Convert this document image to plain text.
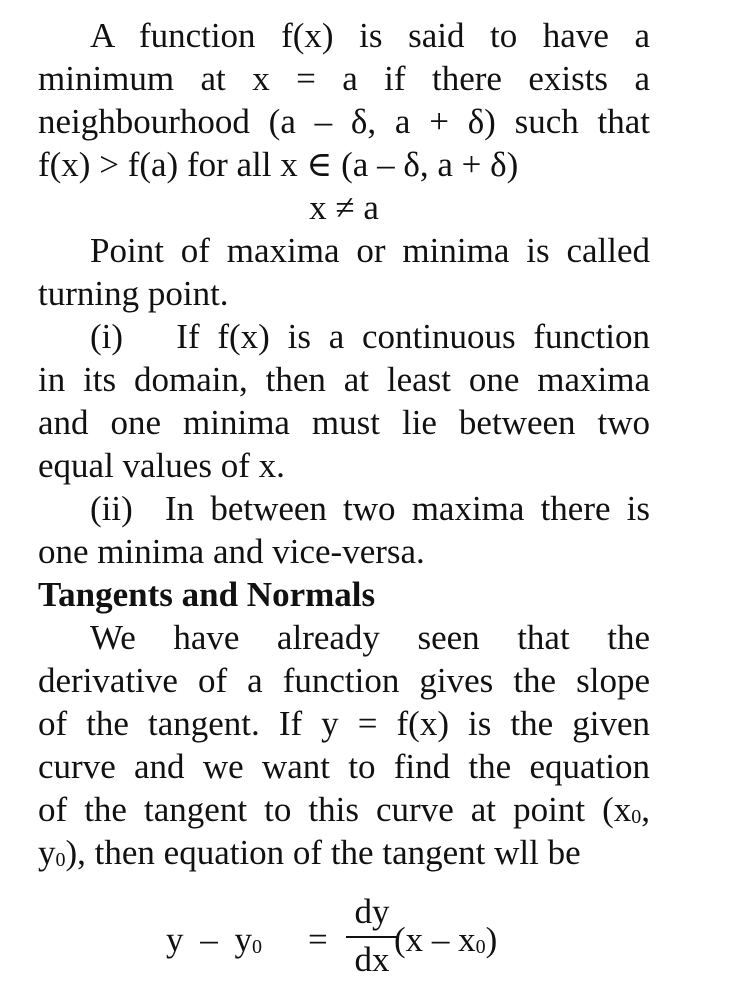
A function f(x) is said to have a

minimum at x = a if there exists a

neighbourhood (a – δ, a + δ) such that

f(x) > f(a) for all x ∈ (a – δ, a + δ)

x ≠ a

Point of maxima or minima is called

turning point.

(i)   If f(x) is a continuous function

in its domain, then at least one maxima

and one minima must lie between two

equal values of x.

(ii)  In between two maxima there is

one minima and vice-versa.

Tangents and Normals

We have already seen that the

derivative of a function gives the slope

of the tangent. If y = f(x) is the given

curve and we want to find the equation

of the tangent to this curve at point ($x_0$,

$y_0$), then equation of the tangent wll be

y – $y_0$ =
dy
dx
$(x - x_0)$
